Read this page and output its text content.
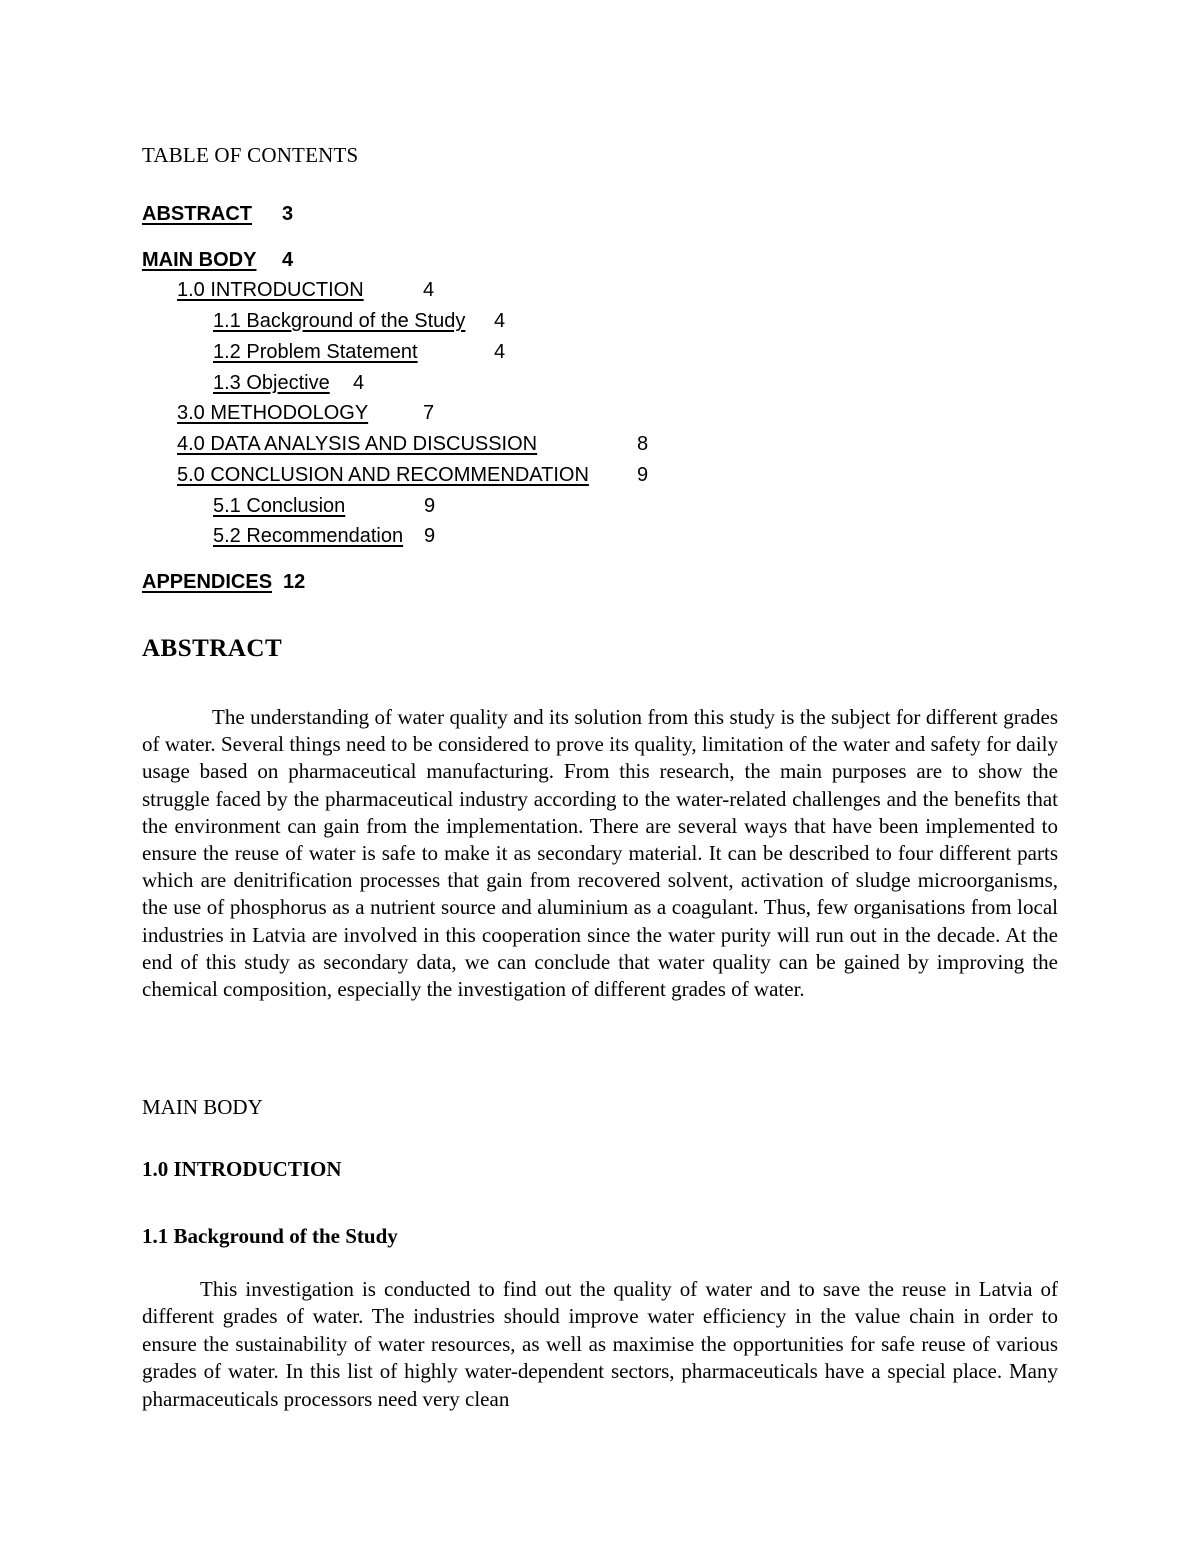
TABLE OF CONTENTS
ABSTRACT 3
MAIN BODY 4
1.0 INTRODUCTION	4
1.1 Background of the Study 4
1.2 Problem Statement	4
1.3 Objective 4
3.0 METHODOLOGY	7
4.0 DATA ANALYSIS AND DISCUSSION	8
5.0 CONCLUSION AND RECOMMENDATION 9
5.1 Conclusion	9
5.2 Recommendation 9
APPENDICES 12
ABSTRACT

The understanding of water quality and its solution from this study is the subject for different grades of water. Several things need to be considered to prove its quality, limitation of the water and safety for daily usage based on pharmaceutical manufacturing. From this research, the main purposes are to show the struggle faced by the pharmaceutical industry according to the water-related challenges and the benefits that the environment can gain from the implementation. There are several ways that have been implemented to ensure the reuse of water is safe to make it as secondary material. It can be described to four different parts which are denitrification processes that gain from recovered solvent, activation of sludge microorganisms, the use of phosphorus as a nutrient source and aluminium as a coagulant. Thus, few organisations from local industries in Latvia are involved in this cooperation since the water purity will run out in the decade. At the end of this study as secondary data, we can conclude that water quality can be gained by improving the chemical composition, especially the investigation of different grades of water.

MAIN BODY
1.0 INTRODUCTION
1.1 Background of the Study

This investigation is conducted to find out the quality of water and to save the reuse in Latvia of different grades of water. The industries should improve water efficiency in the value chain in order to ensure the sustainability of water resources, as well as maximise the opportunities for safe reuse of various grades of water. In this list of highly water-dependent sectors, pharmaceuticals have a special place. Many pharmaceuticals processors need very clean
